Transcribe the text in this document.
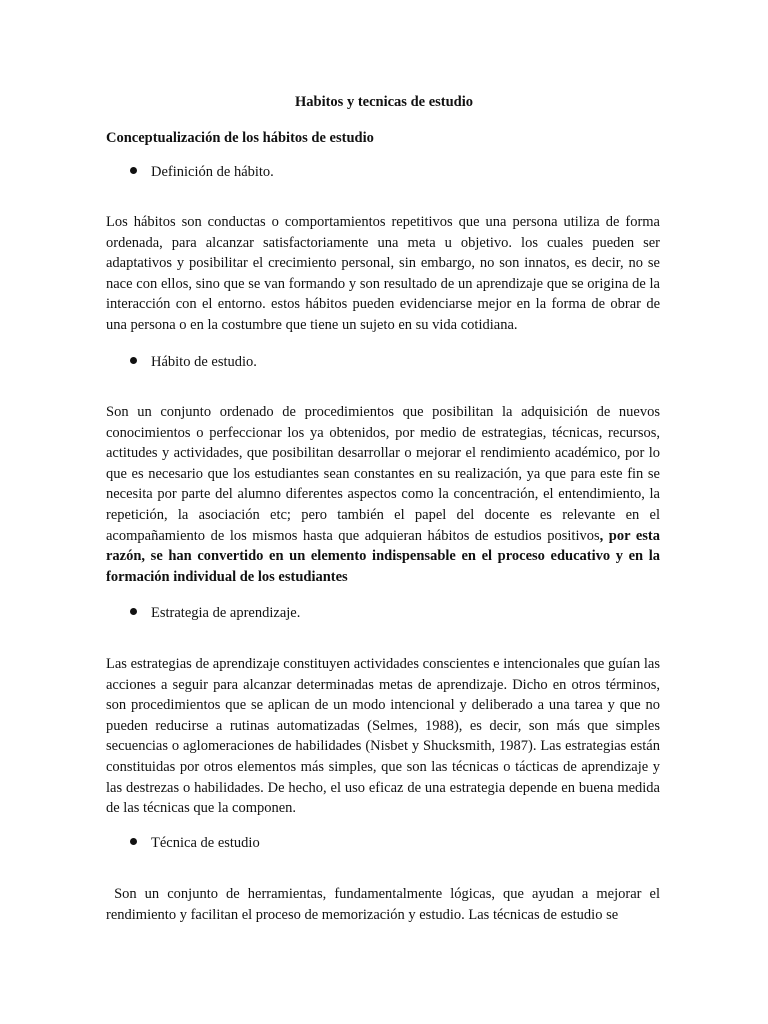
Habitos y tecnicas de estudio
Conceptualización de los hábitos de estudio
Definición de hábito.
Los hábitos son conductas o comportamientos repetitivos que una persona utiliza de forma ordenada, para alcanzar satisfactoriamente una meta u objetivo. los cuales pueden ser adaptativos y posibilitar el crecimiento personal, sin embargo, no son innatos, es decir, no se nace con ellos, sino que se van formando y son resultado de un aprendizaje que se origina de la interacción con el entorno. estos hábitos pueden evidenciarse mejor en la forma de obrar de una persona o en la costumbre que tiene un sujeto en su vida cotidiana.
Hábito de estudio.
Son un conjunto ordenado de procedimientos que posibilitan la adquisición de nuevos conocimientos o perfeccionar los ya obtenidos, por medio de estrategias, técnicas, recursos, actitudes y actividades, que posibilitan desarrollar o mejorar el rendimiento académico, por lo que es necesario que los estudiantes sean constantes en su realización, ya que para este fin se necesita por parte del alumno diferentes aspectos como la concentración, el entendimiento, la repetición, la asociación etc; pero también el papel del docente es relevante en el acompañamiento de los mismos hasta que adquieran hábitos de estudios positivos, por esta razón, se han convertido en un elemento indispensable en el proceso educativo y en la formación individual de los estudiantes
Estrategia de aprendizaje.
Las estrategias de aprendizaje constituyen actividades conscientes e intencionales que guían las acciones a seguir para alcanzar determinadas metas de aprendizaje. Dicho en otros términos, son procedimientos que se aplican de un modo intencional y deliberado a una tarea y que no pueden reducirse a rutinas automatizadas (Selmes, 1988), es decir, son más que simples secuencias o aglomeraciones de habilidades (Nisbet y Shucksmith, 1987). Las estrategias están constituidas por otros elementos más simples, que son las técnicas o tácticas de aprendizaje y las destrezas o habilidades. De hecho, el uso eficaz de una estrategia depende en buena medida de las técnicas que la componen.
Técnica de estudio
Son un conjunto de herramientas, fundamentalmente lógicas, que ayudan a mejorar el rendimiento y facilitan el proceso de memorización y estudio. Las técnicas de estudio se
